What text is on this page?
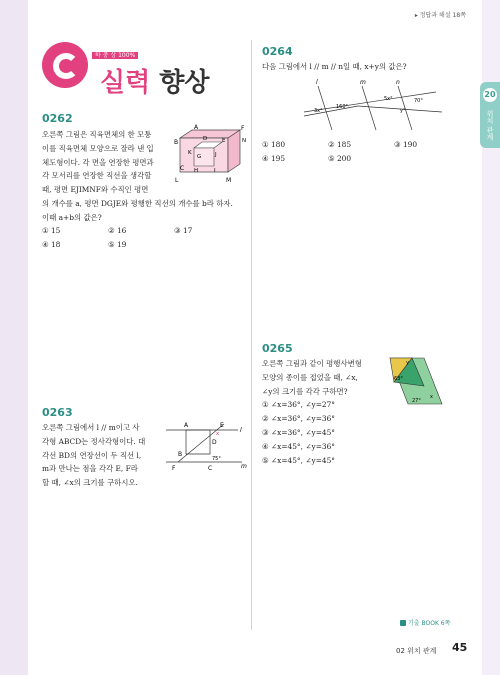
20
위치 관계
▸ 정답과 해설 18쪽
하 중 상 100%
실력 향상
0262
오른쪽 그림은 직육면체의 한 모퉁
이를 직육면체 모양으로 잘라 낸 입
체도형이다. 각 면을 연장한 평면과
각 모서리를 연장한 직선을 생각할
때, 평면 EJIMNF와 수직인 평면
의 개수를 a, 평면 DGJE와 평행한 직선의 개수를 b라 하자.
이때 a+b의 값은?
A	F
D	E
B	N
K
G J
C H	I
L	M
① 15	② 16	③ 17
④ 18	⑤ 19
0263
오른쪽 그림에서 l // m이고 사
각형 ABCD는 정사각형이다. 대
각선 BD의 연장선이 두 직선 l,
m과 만나는 점을 각각 E, F라
할 때, ∠x의 크기를 구하시오.
A	E
l
x
D
B
F	C	m
75°
0264
다음 그림에서 l // m // n일 때, x+y의 값은?
l	m	n
160°
5x°	70°
3x°	y°
① 180	② 185	③ 190
④ 195	⑤ 200
0265
오른쪽 그림과 같이 평행사변형
모양의 종이를 접었을 때, ∠x,
∠y의 크기를 각각 구하면?
y
63°
x
27°
① ∠x=36°, ∠y=27°
② ∠x=36°, ∠y=36°
③ ∠x=36°, ∠y=45°
④ ∠x=45°, ∠y=36°
⑤ ∠x=45°, ∠y=45°
기출 BOOK 6쪽
02 위치 관계 45
